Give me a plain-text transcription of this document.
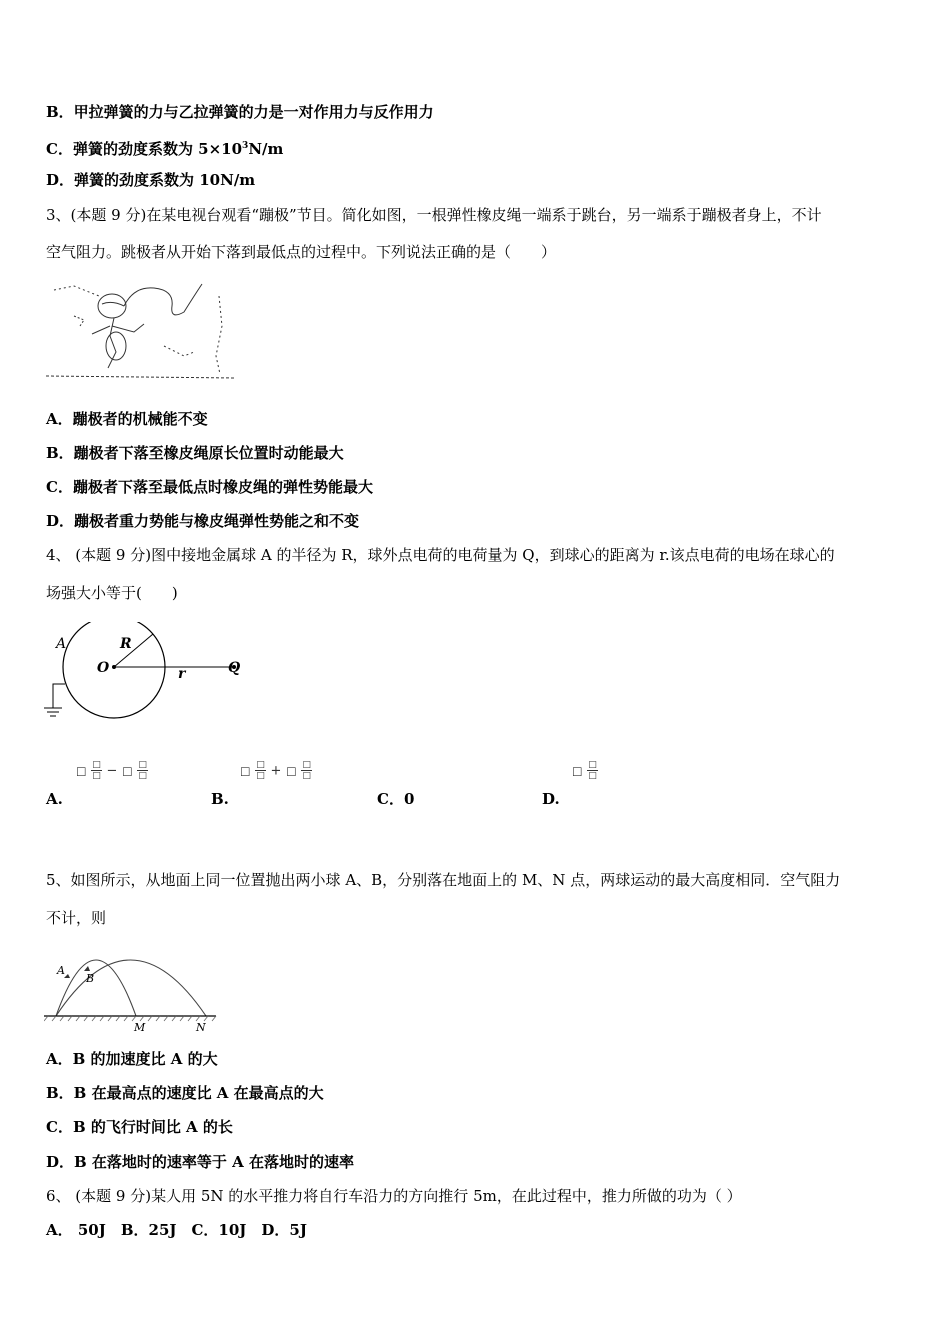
B．甲拉弹簧的力与乙拉弹簧的力是一对作用力与反作用力
C．弹簧的劲度系数为 $5\times 10^3N/m$
D．弹簧的劲度系数为 10N/m
3、(本题 9 分)在某电视台观看“蹦极”节目。简化如图，一根弹性橡皮绳一端系于跳台，另一端系于蹦极者身上，不计
空气阻力。跳极者从开始下落到最低点的过程中。下列说法正确的是（　　）
A．蹦极者的机械能不变
B．蹦极者下落至橡皮绳原长位置时动能最大
C．蹦极者下落至最低点时橡皮绳的弹性势能最大
D．蹦极者重力势能与橡皮绳弹性势能之和不变
4、 (本题 9 分)图中接地金属球 A 的半径为 R，球外点电荷的电荷量为 Q，到球心的距离为 r.该点电荷的电场在球心的
场强大小等于(　　)
A	R
O	r	Q
□ $\frac{□}{□}$ − □ $\frac{□}{□}$	□ $\frac{□}{□}$ + □ $\frac{□}{□}$	□ $\frac{□}{□}$
A.	B.	C．0	D.
5、如图所示，从地面上同一位置抛出两小球 A、B，分别落在地面上的 M、N 点，两球运动的最大高度相同．空气阻力
不计，则
A
B
M	N
A．B 的加速度比 A 的大
B．B 在最高点的速度比 A 在最高点的大
C．B 的飞行时间比 A 的长
D．B 在落地时的速率等于 A 在落地时的速率
6、 (本题 9 分)某人用 5N 的水平推力将自行车沿力的方向推行 5m，在此过程中，推力所做的功为（ ）
A． 50J　B．25J　C．10J　D．5J
